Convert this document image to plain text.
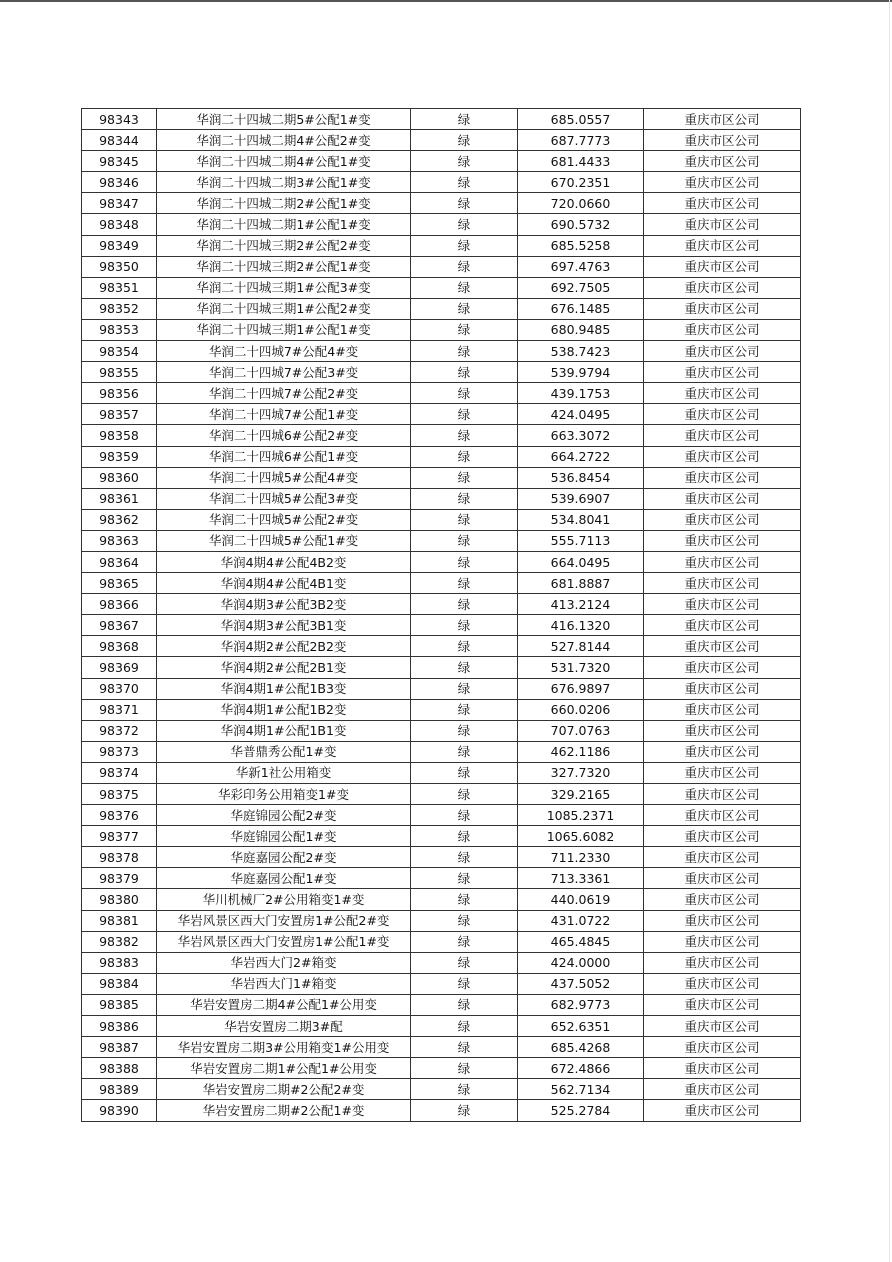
98343	华润二十四城二期5#公配1#变	绿	685.0557	重庆市区公司
98344	华润二十四城二期4#公配2#变	绿	687.7773	重庆市区公司
98345	华润二十四城二期4#公配1#变	绿	681.4433	重庆市区公司
98346	华润二十四城二期3#公配1#变	绿	670.2351	重庆市区公司
98347	华润二十四城二期2#公配1#变	绿	720.0660	重庆市区公司
98348	华润二十四城二期1#公配1#变	绿	690.5732	重庆市区公司
98349	华润二十四城三期2#公配2#变	绿	685.5258	重庆市区公司
98350	华润二十四城三期2#公配1#变	绿	697.4763	重庆市区公司
98351	华润二十四城三期1#公配3#变	绿	692.7505	重庆市区公司
98352	华润二十四城三期1#公配2#变	绿	676.1485	重庆市区公司
98353	华润二十四城三期1#公配1#变	绿	680.9485	重庆市区公司
98354	华润二十四城7#公配4#变	绿	538.7423	重庆市区公司
98355	华润二十四城7#公配3#变	绿	539.9794	重庆市区公司
98356	华润二十四城7#公配2#变	绿	439.1753	重庆市区公司
98357	华润二十四城7#公配1#变	绿	424.0495	重庆市区公司
98358	华润二十四城6#公配2#变	绿	663.3072	重庆市区公司
98359	华润二十四城6#公配1#变	绿	664.2722	重庆市区公司
98360	华润二十四城5#公配4#变	绿	536.8454	重庆市区公司
98361	华润二十四城5#公配3#变	绿	539.6907	重庆市区公司
98362	华润二十四城5#公配2#变	绿	534.8041	重庆市区公司
98363	华润二十四城5#公配1#变	绿	555.7113	重庆市区公司
98364	华润4期4#公配4B2变	绿	664.0495	重庆市区公司
98365	华润4期4#公配4B1变	绿	681.8887	重庆市区公司
98366	华润4期3#公配3B2变	绿	413.2124	重庆市区公司
98367	华润4期3#公配3B1变	绿	416.1320	重庆市区公司
98368	华润4期2#公配2B2变	绿	527.8144	重庆市区公司
98369	华润4期2#公配2B1变	绿	531.7320	重庆市区公司
98370	华润4期1#公配1B3变	绿	676.9897	重庆市区公司
98371	华润4期1#公配1B2变	绿	660.0206	重庆市区公司
98372	华润4期1#公配1B1变	绿	707.0763	重庆市区公司
98373	华普鼎秀公配1#变	绿	462.1186	重庆市区公司
98374	华新1社公用箱变	绿	327.7320	重庆市区公司
98375	华彩印务公用箱变1#变	绿	329.2165	重庆市区公司
98376	华庭锦园公配2#变	绿	1085.2371	重庆市区公司
98377	华庭锦园公配1#变	绿	1065.6082	重庆市区公司
98378	华庭嘉园公配2#变	绿	711.2330	重庆市区公司
98379	华庭嘉园公配1#变	绿	713.3361	重庆市区公司
98380	华川机械厂2#公用箱变1#变	绿	440.0619	重庆市区公司
98381	华岩风景区西大门安置房1#公配2#变	绿	431.0722	重庆市区公司
98382	华岩风景区西大门安置房1#公配1#变	绿	465.4845	重庆市区公司
98383	华岩西大门2#箱变	绿	424.0000	重庆市区公司
98384	华岩西大门1#箱变	绿	437.5052	重庆市区公司
98385	华岩安置房二期4#公配1#公用变	绿	682.9773	重庆市区公司
98386	华岩安置房二期3#配	绿	652.6351	重庆市区公司
98387	华岩安置房二期3#公用箱变1#公用变	绿	685.4268	重庆市区公司
98388	华岩安置房二期1#公配1#公用变	绿	672.4866	重庆市区公司
98389	华岩安置房二期#2公配2#变	绿	562.7134	重庆市区公司
98390	华岩安置房二期#2公配1#变	绿	525.2784	重庆市区公司
